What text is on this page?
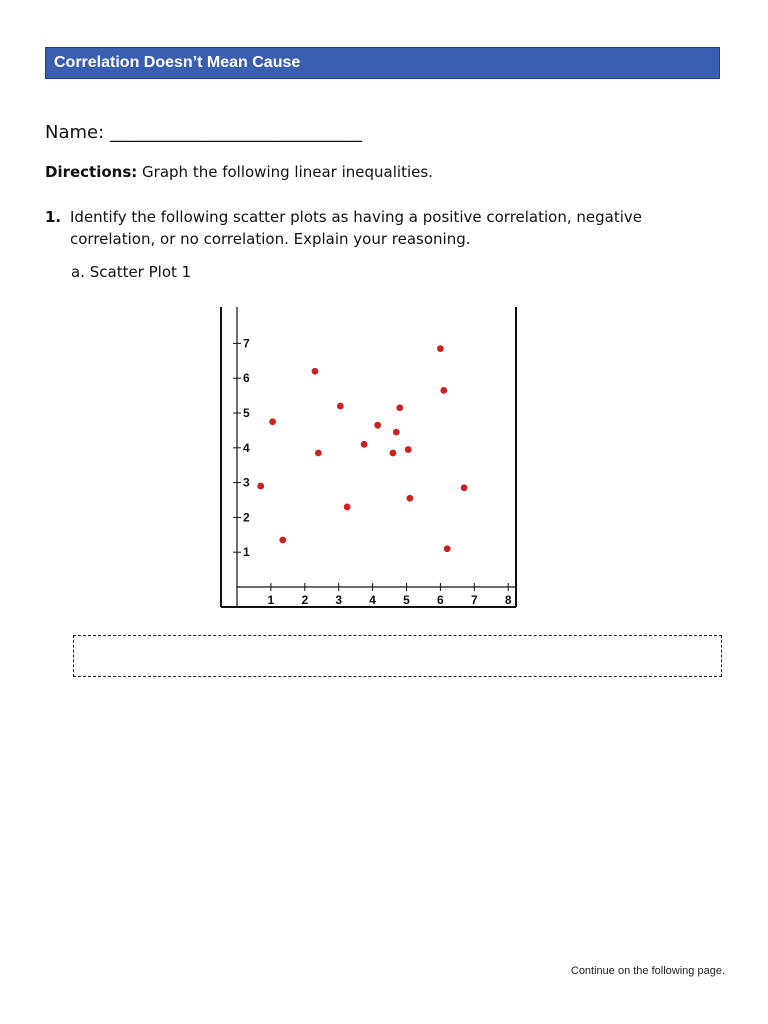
Correlation Doesn’t Mean Cause
Name: ____________________________
Directions: Graph the following linear inequalities.
1. Identify the following scatter plots as having a positive correlation, negative correlation, or no correlation. Explain your reasoning.
a. Scatter Plot 1
1 2 3 4 5 6 7 8
1
2
3
4
5
6
7
Continue on the following page.
